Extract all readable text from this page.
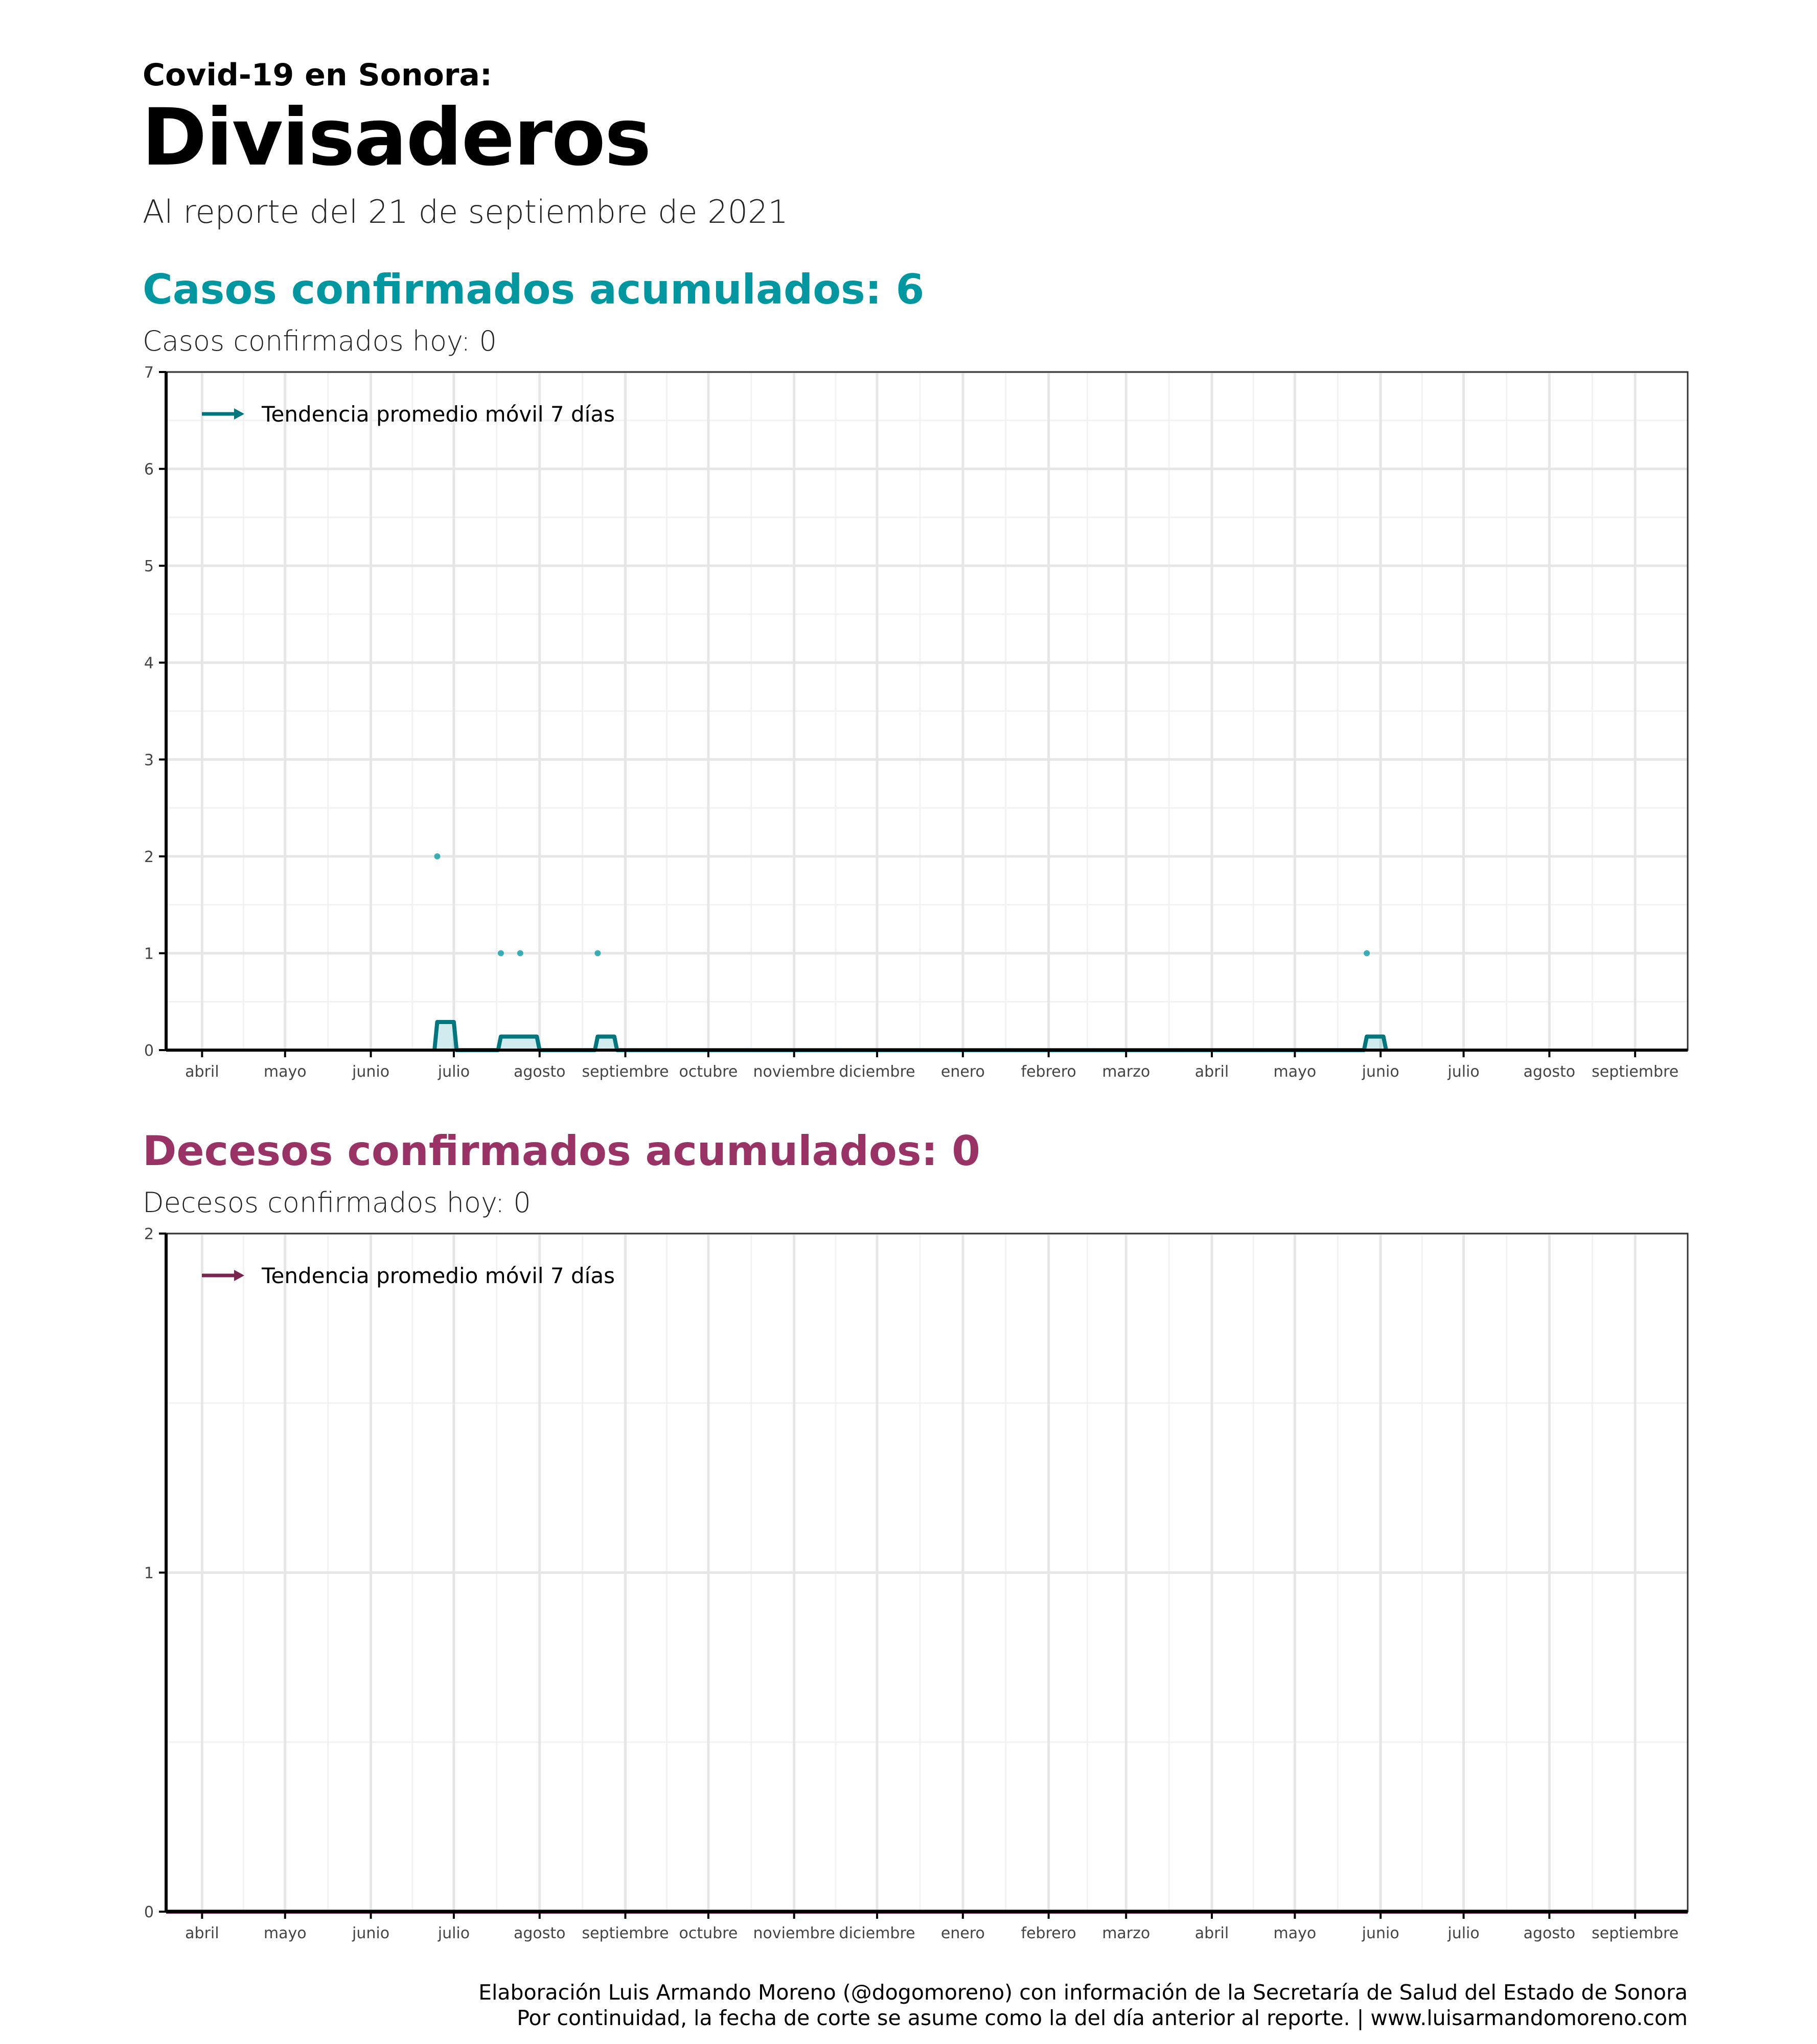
Covid-19 en Sonora:
Divisaderos
Al reporte del 21 de septiembre de 2021
Casos confirmados acumulados: 6
Casos confirmados hoy: 0
0
1
2
3
4
5
6
7
abril	mayo	junio	julio	agosto septiembre octubre noviembre diciembre enero febrero marzo	abril	mayo	junio	julio	agosto septiembre
Tendencia promedio móvil 7 días
Decesos confirmados acumulados: 0
Decesos confirmados hoy: 0
0
1
2
abril	mayo	junio	julio	agosto septiembre octubre noviembre diciembre enero febrero marzo	abril	mayo	junio	julio	agosto septiembre
Tendencia promedio móvil 7 días
Elaboración Luis Armando Moreno (@dogomoreno) con información de la Secretaría de Salud del Estado de Sonora
Por continuidad, la fecha de corte se asume como la del día anterior al reporte. | www.luisarmandomoreno.com
